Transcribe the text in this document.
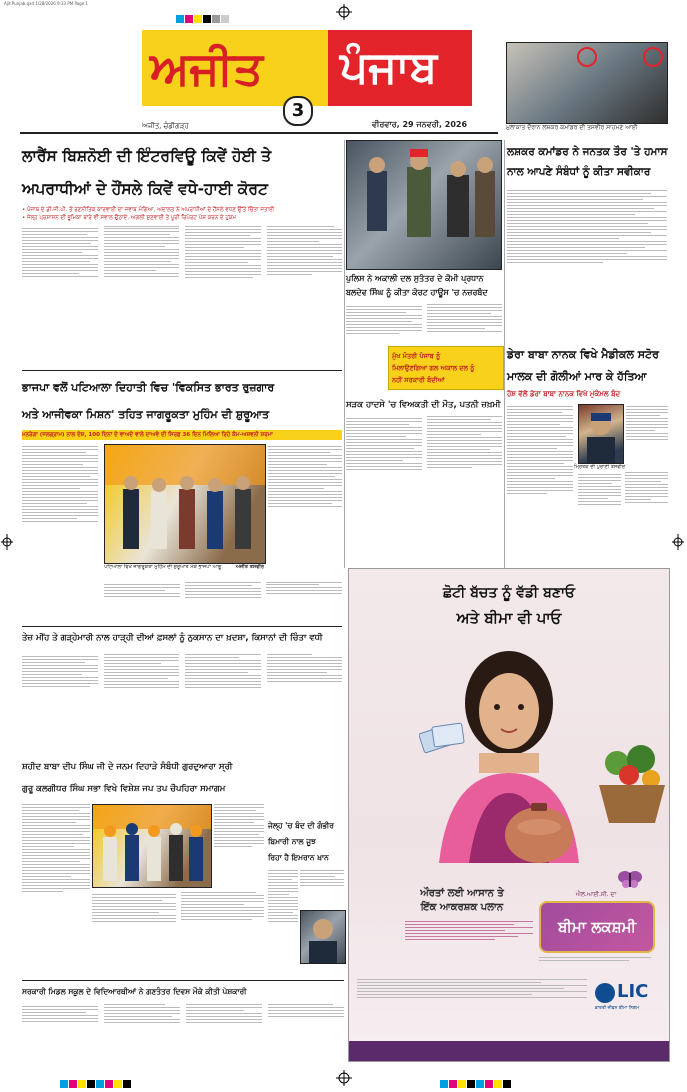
Ajit Punjab.qxd 1/28/2026 9:33 PM Page 1
ਅਜੀਤ ਪੰਜਾਬ
3
ਅਜੀਤ, ਚੰਡੀਗੜ੍ਹ	ਵੀਰਵਾਰ, 29 ਜਨਵਰੀ, 2026	ਮੁਲਾਕਾਤ ਦੌਰਾਨ ਲਸ਼ਕਰ ਕਮਾਂਡਰ ਦੀ ਤਸਵੀਰ ਸਾਹਮਣੇ ਆਈ
ਲਸ਼ਕਰ ਕਮਾਂਡਰ ਨੇ ਜਨਤਕ ਤੌਰ 'ਤੇ ਹਮਾਸ
ਨਾਲ ਆਪਣੇ ਸੰਬੰਧਾਂ ਨੂੰ ਕੀਤਾ ਸਵੀਕਾਰ
ਲਾਰੈਂਸ ਬਿਸ਼ਨੋਈ ਦੀ ਇੰਟਰਵਿਊ ਕਿਵੇਂ ਹੋਈ ਤੇ
ਅਪਰਾਧੀਆਂ ਦੇ ਹੌਂਸਲੇ ਕਿਵੇਂ ਵਧੇ-ਹਾਈ ਕੋਰਟ
• ਪੰਜਾਬ ਦੇ ਡੀ.ਜੀ.ਪੀ. ਤੋਂ ਰਣਨੀਤਿਕ ਕਾਰਵਾਈ ਦਾ ਜਵਾਬ ਮੰਗਿਆ, ਅਦਾਲਤ ਨੇ ਅਪਰਾਧੀਆਂ ਦੇ ਹੌਂਸਲੇ ਵਧਣ ਉੱਤੇ ਚਿੰਤਾ ਜਤਾਈ
• ਜੇਲ੍ਹ ਪ੍ਰਸ਼ਾਸਨ ਦੀ ਭੂਮਿਕਾ ਬਾਰੇ ਵੀ ਸਵਾਲ ਉਠਾਏ, ਅਗਲੀ ਸੁਣਵਾਈ ਤੇ ਪੂਰੀ ਰਿਪੋਰਟ ਪੇਸ਼ ਕਰਨ ਦੇ ਹੁਕਮ
ਪੁਲਿਸ ਨੇ ਅਕਾਲੀ ਦਲ ਸੁਤੰਤਰ ਦੇ ਕੌਮੀ ਪ੍ਰਧਾਨ
ਬਲਦੇਵ ਸਿੰਘ ਨੂੰ ਕੀਤਾ ਕੋਰਟ ਹਾਊਸ 'ਚ ਨਜ਼ਰਬੰਦ
ਮੁੱਖ ਮੰਤਰੀ ਪੰਜਾਬ ਨੂੰ
ਮਿਲਾਉਣਗਿਆ ਗਲ ਅਕਾਲ ਦਲ ਨੂੰ
ਨਹੀਂ ਸਰਕਾਰੀ ਬੰਦੀਆਂ
ਡੇਰਾ ਬਾਬਾ ਨਾਨਕ ਵਿਖੇ ਮੈਡੀਕਲ ਸਟੋਰ
ਮਾਲਕ ਦੀ ਗੋਲੀਆਂ ਮਾਰ ਕੇ ਹੱਤਿਆ
ਹੋਸ਼ ਵੱਲੋਂ ਡੇਰਾ ਬਾਬਾ ਨਾਨਕ ਵਿਖੇ ਮੁਕੰਮਲ ਬੰਦ
ਮ੍ਰਿਤਕ ਦੀ ਪੁਰਾਣੀ ਤਸਵੀਰ
ਭਾਜਪਾ ਵਲੋਂ ਪਟਿਆਲਾ ਦਿਹਾਤੀ ਵਿਚ 'ਵਿਕਸਿਤ ਭਾਰਤ ਰੁਜ਼ਗਾਰ
ਅਤੇ ਆਜੀਵਕਾ ਮਿਸ਼ਨ' ਤਹਿਤ ਜਾਗਰੂਕਤਾ ਮੁਹਿੰਮ ਦੀ ਸ਼ੁਰੂਆਤ
ਮਨਰੇਗਾ (ਜਲਗ੍ਰਾਮ) ਨਾਲ ਦੇਸ਼, 100 ਦਿਨਾਂ ਦੇ ਵਾਅਦੇ ਵਾਲੇ ਦਾਅਵੇ ਦੀ ਸਿਰਫ਼ 36 ਦਿਨ ਮਿਲਿਆ ਰਿਹੇ ਕੰਮ-ਅਸ਼ਵਨੀ ਸ਼ਰਮਾ
ਪਟਿਆਲਾ ਵਿਖੇ ਜਾਗਰੂਕਤਾ ਮੁਹਿੰਮ ਦੀ ਸ਼ੁਰੂਆਤ ਮੌਕੇ ਭਾਜਪਾ ਆਗੂ	ਅਜੀਤ ਤਸਵੀਰ
ਸੜਕ ਹਾਦਸੇ 'ਚ ਵਿਅਕਤੀ ਦੀ ਮੌਤ, ਪਤਨੀ ਜ਼ਖ਼ਮੀ
ਤੇਜ਼ ਮੀਂਹ ਤੇ ਗੜ੍ਹੇਮਾਰੀ ਨਾਲ ਹਾੜ੍ਹੀ ਦੀਆਂ ਫ਼ਸਲਾਂ ਨੂੰ ਨੁਕਸਾਨ ਦਾ ਖ਼ਦਸ਼ਾ, ਕਿਸਾਨਾਂ ਦੀ ਚਿੰਤਾ ਵਧੀ
ਸ਼ਹੀਦ ਬਾਬਾ ਦੀਪ ਸਿੰਘ ਜੀ ਦੇ ਜਨਮ ਦਿਹਾੜੇ ਸੰਬੰਧੀ ਗੁਰਦੁਆਰਾ ਸ੍ਰੀ
ਗੁਰੂ ਕਲਗੀਧਰ ਸਿੰਘ ਸਭਾ ਵਿਖੇ ਵਿਸ਼ੇਸ਼ ਜਪ ਤਪ ਚੌਪਹਿਰਾ ਸਮਾਗਮ
ਜੇਲ੍ਹ 'ਚ ਬੰਦ ਦੀ ਗੰਭੀਰ
ਬਿਮਾਰੀ ਨਾਲ ਜੂਝ
ਰਿਹਾ ਹੈ ਇਮਰਾਨ ਖ਼ਾਨ
ਸਰਕਾਰੀ ਮਿਡਲ ਸਕੂਲ ਦੇ ਵਿਦਿਆਰਥੀਆਂ ਨੇ ਗਣਤੰਤਰ ਦਿਵਸ ਮੌਕੇ ਕੀਤੀ ਪੇਸ਼ਕਾਰੀ
ਛੋਟੀ ਬੱਚਤ ਨੂੰ ਵੱਡੀ ਬਣਾਓ
ਅਤੇ ਬੀਮਾ ਵੀ ਪਾਓ
ਔਰਤਾਂ ਲਈ ਆਸਾਨ ਤੇ
ਇੱਕ ਆਕਰਸ਼ਕ ਪਲਾਨ
ਐਲ.ਆਈ.ਸੀ. ਦਾ
ਬੀਮਾ ਲਕਸ਼ਮੀ
LIC
ਭਾਰਤੀ ਜੀਵਨ ਬੀਮਾ ਨਿਗਮ
